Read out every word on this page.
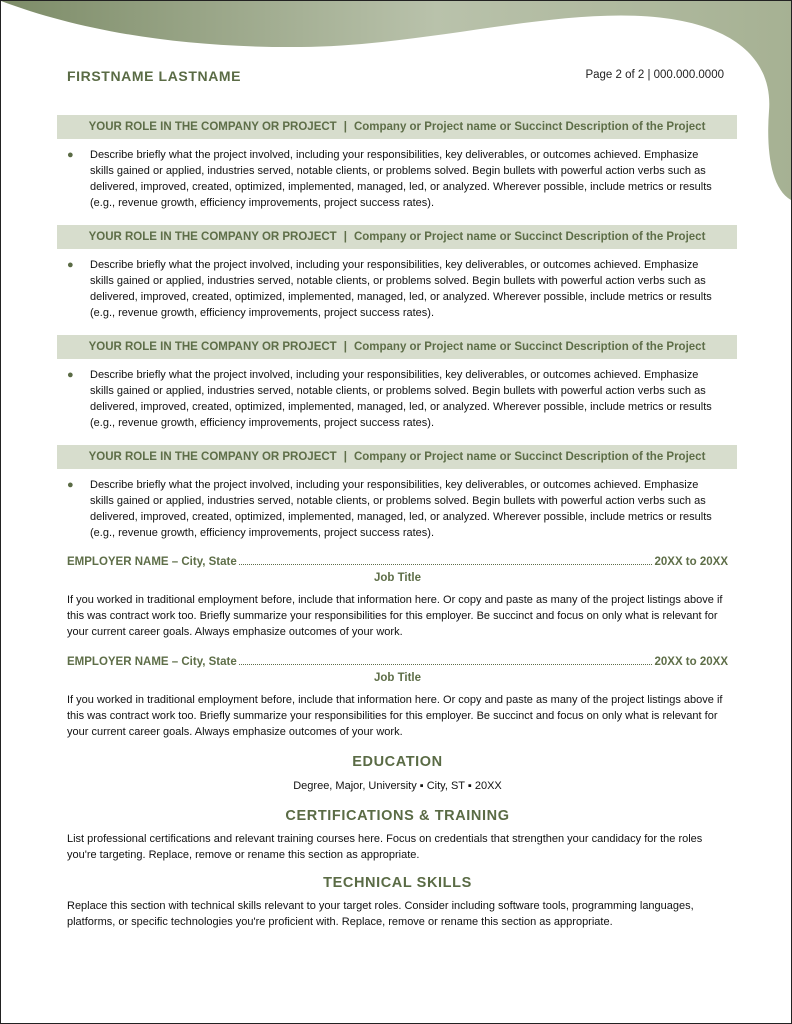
FIRSTNAME LASTNAME	Page 2 of 2 | 000.000.0000
YOUR ROLE IN THE COMPANY OR PROJECT | Company or Project name or Succinct Description of the Project
● Describe briefly what the project involved, including your responsibilities, key deliverables, or outcomes achieved. Emphasize skills gained or applied, industries served, notable clients, or problems solved. Begin bullets with powerful action verbs such as delivered, improved, created, optimized, implemented, managed, led, or analyzed. Wherever possible, include metrics or results (e.g., revenue growth, efficiency improvements, project success rates).
YOUR ROLE IN THE COMPANY OR PROJECT | Company or Project name or Succinct Description of the Project
● Describe briefly what the project involved, including your responsibilities, key deliverables, or outcomes achieved. Emphasize skills gained or applied, industries served, notable clients, or problems solved. Begin bullets with powerful action verbs such as delivered, improved, created, optimized, implemented, managed, led, or analyzed. Wherever possible, include metrics or results (e.g., revenue growth, efficiency improvements, project success rates).
YOUR ROLE IN THE COMPANY OR PROJECT | Company or Project name or Succinct Description of the Project
● Describe briefly what the project involved, including your responsibilities, key deliverables, or outcomes achieved. Emphasize skills gained or applied, industries served, notable clients, or problems solved. Begin bullets with powerful action verbs such as delivered, improved, created, optimized, implemented, managed, led, or analyzed. Wherever possible, include metrics or results (e.g., revenue growth, efficiency improvements, project success rates).
YOUR ROLE IN THE COMPANY OR PROJECT | Company or Project name or Succinct Description of the Project
● Describe briefly what the project involved, including your responsibilities, key deliverables, or outcomes achieved. Emphasize skills gained or applied, industries served, notable clients, or problems solved. Begin bullets with powerful action verbs such as delivered, improved, created, optimized, implemented, managed, led, or analyzed. Wherever possible, include metrics or results (e.g., revenue growth, efficiency improvements, project success rates).
EMPLOYER NAME – City, State	20XX to 20XX
Job Title
If you worked in traditional employment before, include that information here. Or copy and paste as many of the project listings above if this was contract work too. Briefly summarize your responsibilities for this employer. Be succinct and focus on only what is relevant for your current career goals. Always emphasize outcomes of your work.
EMPLOYER NAME – City, State	20XX to 20XX
Job Title
If you worked in traditional employment before, include that information here. Or copy and paste as many of the project listings above if this was contract work too. Briefly summarize your responsibilities for this employer. Be succinct and focus on only what is relevant for your current career goals. Always emphasize outcomes of your work.
EDUCATION
Degree, Major, University ▪ City, ST ▪ 20XX
CERTIFICATIONS & TRAINING
List professional certifications and relevant training courses here. Focus on credentials that strengthen your candidacy for the roles you're targeting. Replace, remove or rename this section as appropriate.
TECHNICAL SKILLS
Replace this section with technical skills relevant to your target roles. Consider including software tools, programming languages, platforms, or specific technologies you're proficient with. Replace, remove or rename this section as appropriate.
